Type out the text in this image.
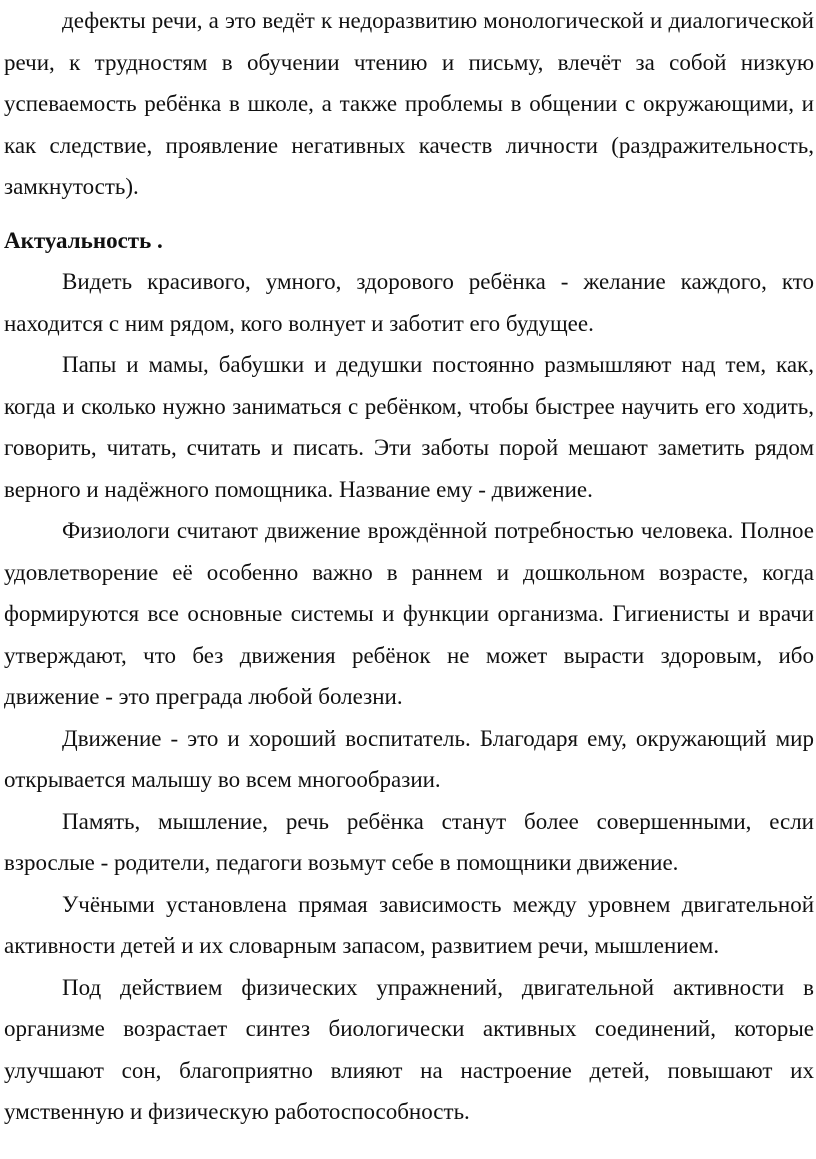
дефекты речи, а это ведёт к недоразвитию монологической и диалогической речи, к трудностям в обучении чтению и письму, влечёт за собой низкую успеваемость ребёнка в школе, а также проблемы в общении с окружающими, и как следствие, проявление негативных качеств личности (раздражительность, замкнутость).

Актуальность .

Видеть красивого, умного, здорового ребёнка - желание каждого, кто находится с ним рядом, кого волнует и заботит его будущее.

Папы и мамы, бабушки и дедушки постоянно размышляют над тем, как, когда и сколько нужно заниматься с ребёнком, чтобы быстрее научить его ходить, говорить, читать, считать и писать. Эти заботы порой мешают заметить рядом верного и надёжного помощника. Название ему - движение.

Физиологи считают движение врождённой потребностью человека. Полное удовлетворение её особенно важно в раннем и дошкольном возрасте, когда формируются все основные системы и функции организма. Гигиенисты и врачи утверждают, что без движения ребёнок не может вырасти здоровым, ибо движение - это преграда любой болезни.

Движение - это и хороший воспитатель. Благодаря ему, окружающий мир открывается малышу во всем многообразии.

Память, мышление, речь ребёнка станут более совершенными, если взрослые - родители, педагоги возьмут себе в помощники движение.

Учёными установлена прямая зависимость между уровнем двигательной активности детей и их словарным запасом, развитием речи, мышлением.

Под действием физических упражнений, двигательной активности в организме возрастает синтез биологически активных соединений, которые улучшают сон, благоприятно влияют на настроение детей, повышают их умственную и физическую работоспособность.
